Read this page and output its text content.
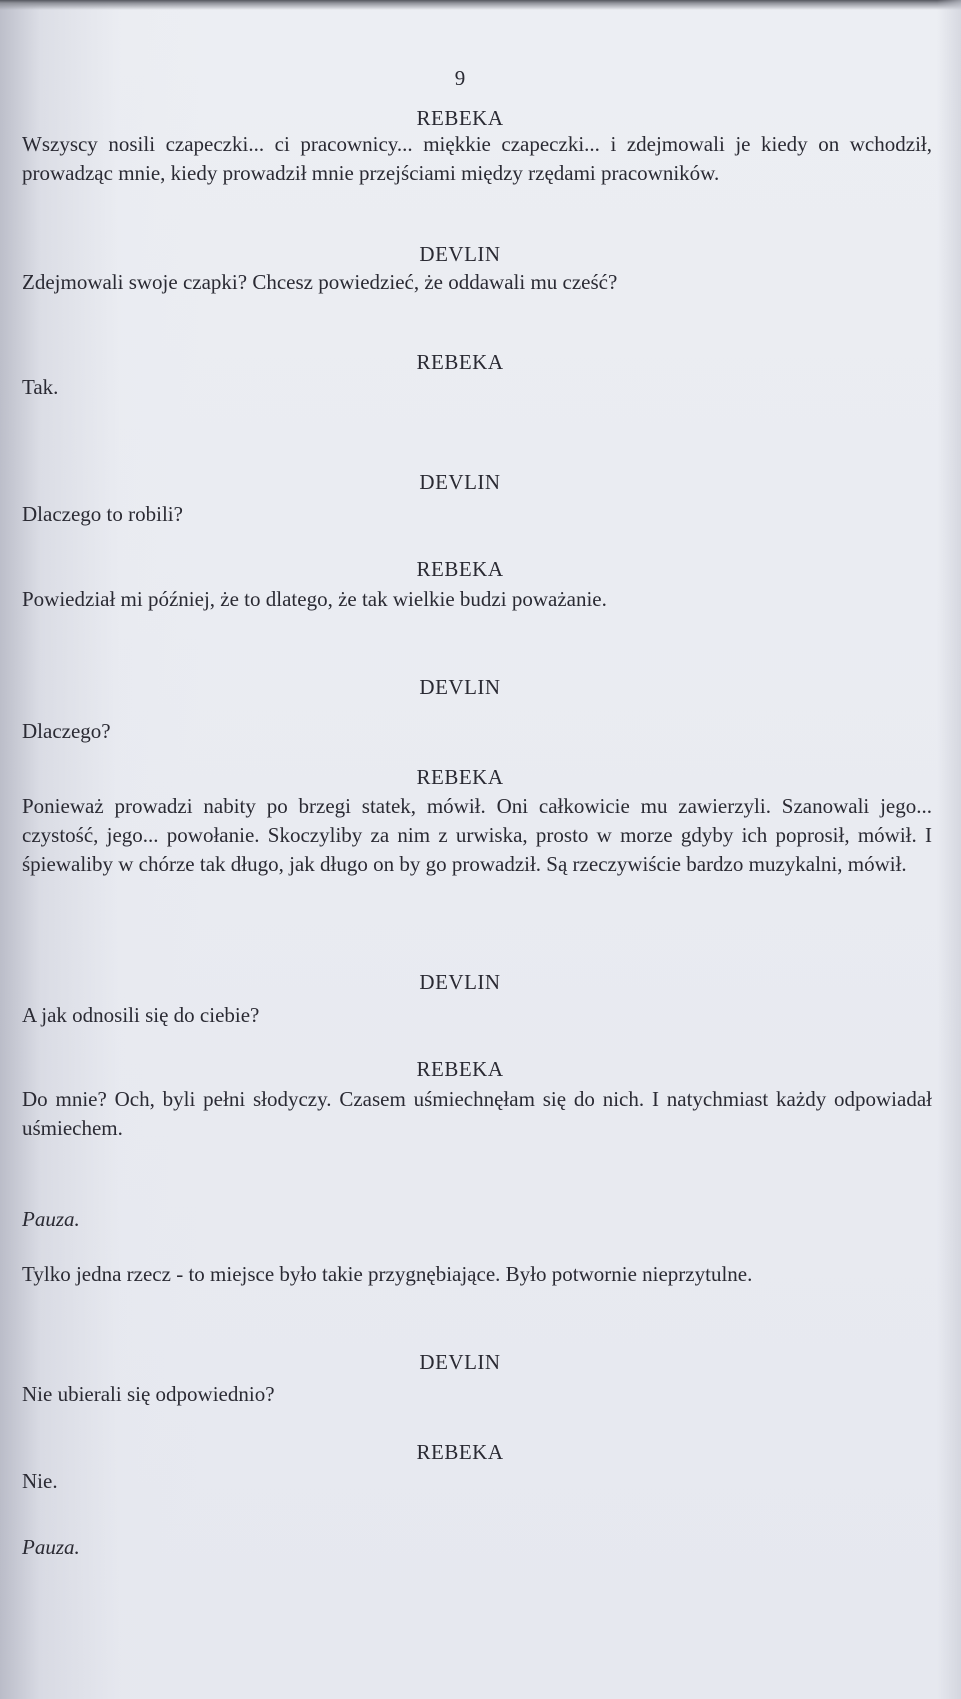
9

REBEKA

Wszyscy nosili czapeczki... ci pracownicy... miękkie czapeczki... i zdejmowali je kiedy on wchodził, prowadząc mnie, kiedy prowadził mnie przejściami między rzędami pracowników.

DEVLIN

Zdejmowali swoje czapki? Chcesz powiedzieć, że oddawali mu cześć?

REBEKA

Tak.

DEVLIN

Dlaczego to robili?

REBEKA

Powiedział mi później, że to dlatego, że tak wielkie budzi poważanie.

DEVLIN

Dlaczego?

REBEKA

Ponieważ prowadzi nabity po brzegi statek, mówił. Oni całkowicie mu zawierzyli. Szanowali jego... czystość, jego... powołanie. Skoczyliby za nim z urwiska, prosto w morze gdyby ich poprosił, mówił. I śpiewaliby w chórze tak długo, jak długo on by go prowadził. Są rzeczywiście bardzo muzykalni, mówił.

DEVLIN

A jak odnosili się do ciebie?

REBEKA

Do mnie? Och, byli pełni słodyczy. Czasem uśmiechnęłam się do nich. I natychmiast każdy odpowiadał uśmiechem.

Pauza.

Tylko jedna rzecz - to miejsce było takie przygnębiające. Było potwornie nieprzytulne.

DEVLIN

Nie ubierali się odpowiednio?

REBEKA

Nie.

Pauza.
